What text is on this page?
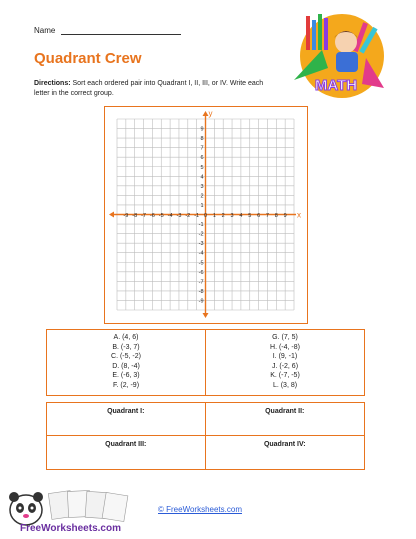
Name
Quadrant Crew
Directions: Sort each ordered pair into Quadrant I, II, III, or IV. Write each letter in the correct group.	MATH
x
y
-9 -8 -7 -6 -5 -4 -3 -2 -1 0 1 2 3 4 5 6 7 8 9
9
8
7
6
5
4
3
2
1
-1
-2
-3
-4
-5
-6
-7
-8
-9
A. (4, 6)
B. (-3, 7)
C. (-5, -2)
D. (8, -4)
E. (-6, 3)
F. (2, -9)
G. (7, 5)
H. (-4, -8)
I. (9, -1)
J. (-2, 6)
K. (-7, -5)
L. (3, 8)
Quadrant I:	Quadrant II:
Quadrant III:	Quadrant IV:
FreeWorksheets.com
© FreeWorksheets.com
